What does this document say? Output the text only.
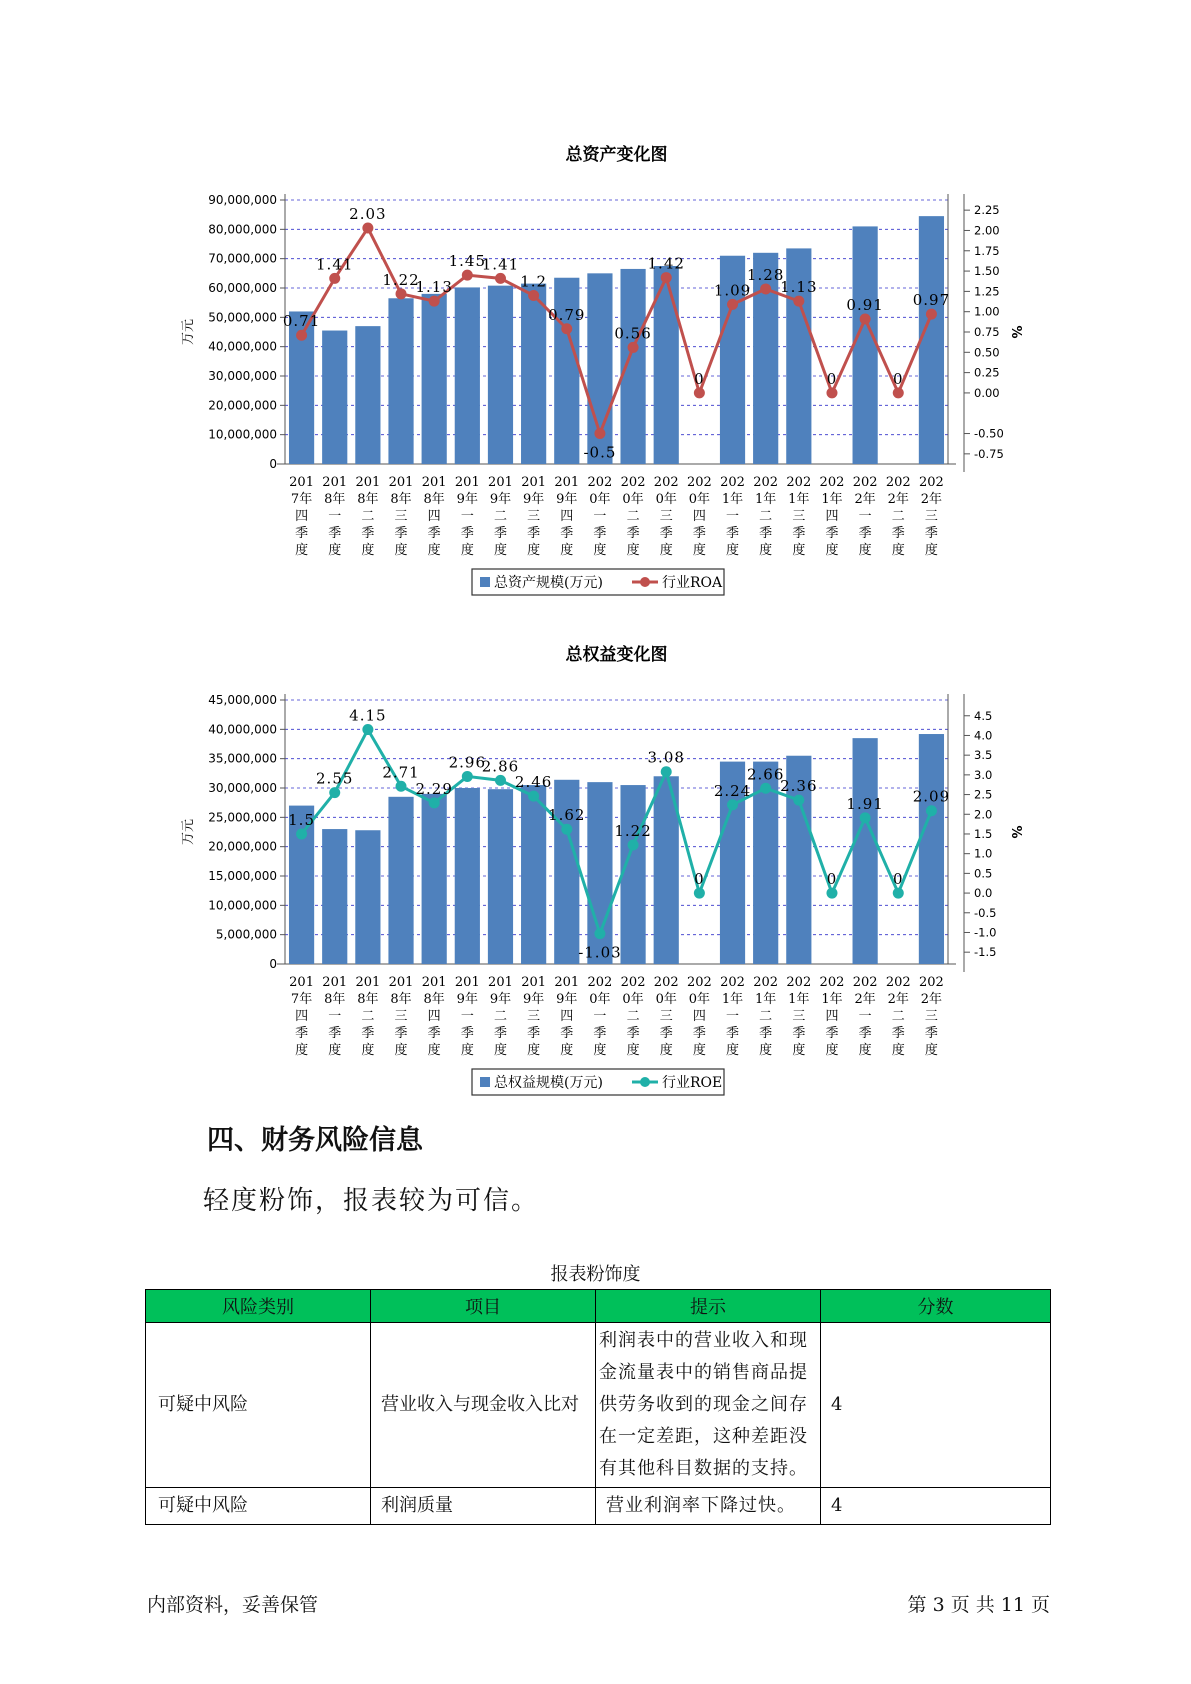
总资产变化图
0
10,000,000
20,000,000
30,000,000
40,000,000
50,000,000
60,000,000
70,000,000
80,000,000
90,000,000
万元	%
-0.75
-0.50
0.00
0.25
0.50
0.75
1.00
1.25
1.50
1.75
2.00
2.25
0.71
1.41
2.03
1.22
1.13
1.45
1.41
1.2
0.79
-0.5
0.56
1.42
0
1.09
1.28
1.13
0
0.91
0
0.97
201 7年四季度
201 8年一季度
201 8年二季度
201 8年三季度
201 8年四季度
201 9年一季度
201 9年二季度
201 9年三季度
201 9年四季度
202 0年一季度
202 0年二季度
202 0年三季度
202 0年四季度
202 1年一季度
202 1年二季度
202 1年三季度
202 1年四季度
202 2年一季度
202 2年二季度
202 2年三季度
总资产规模(万元)	行业ROA
总权益变化图
0
5,000,000
10,000,000
15,000,000
20,000,000
25,000,000
30,000,000
35,000,000
40,000,000
45,000,000
万元	%
-1.5
-1.0
-0.5
0.0
0.5
1.0
1.5
2.0
2.5
3.0
3.5
4.0
4.5
1.5
2.55
4.15
2.71
2.29
2.96
2.86
2.46
1.62
-1.03
1.22
3.08
0
2.24
2.66
2.36
0
1.91
0
2.09
201 7年四季度
201 8年一季度
201 8年二季度
201 8年三季度
201 8年四季度
201 9年一季度
201 9年二季度
201 9年三季度
201 9年四季度
202 0年一季度
202 0年二季度
202 0年三季度
202 0年四季度
202 1年一季度
202 1年二季度
202 1年三季度
202 1年四季度
202 2年一季度
202 2年二季度
202 2年三季度
总权益规模(万元)	行业ROE
四、财务风险信息

轻度粉饰，报表较为可信。

报表粉饰度
风险类别	项目	提示	分数
可疑中风险	营业收入与现金收入比对	利润表中的营业收入和现金流量表中的销售商品提供劳务收到的现金之间存在一定差距，这种差距没有其他科目数据的支持。	4
可疑中风险	利润质量	营业利润率下降过快。	4
内部资料，妥善保管	第 3 页 共 11 页
